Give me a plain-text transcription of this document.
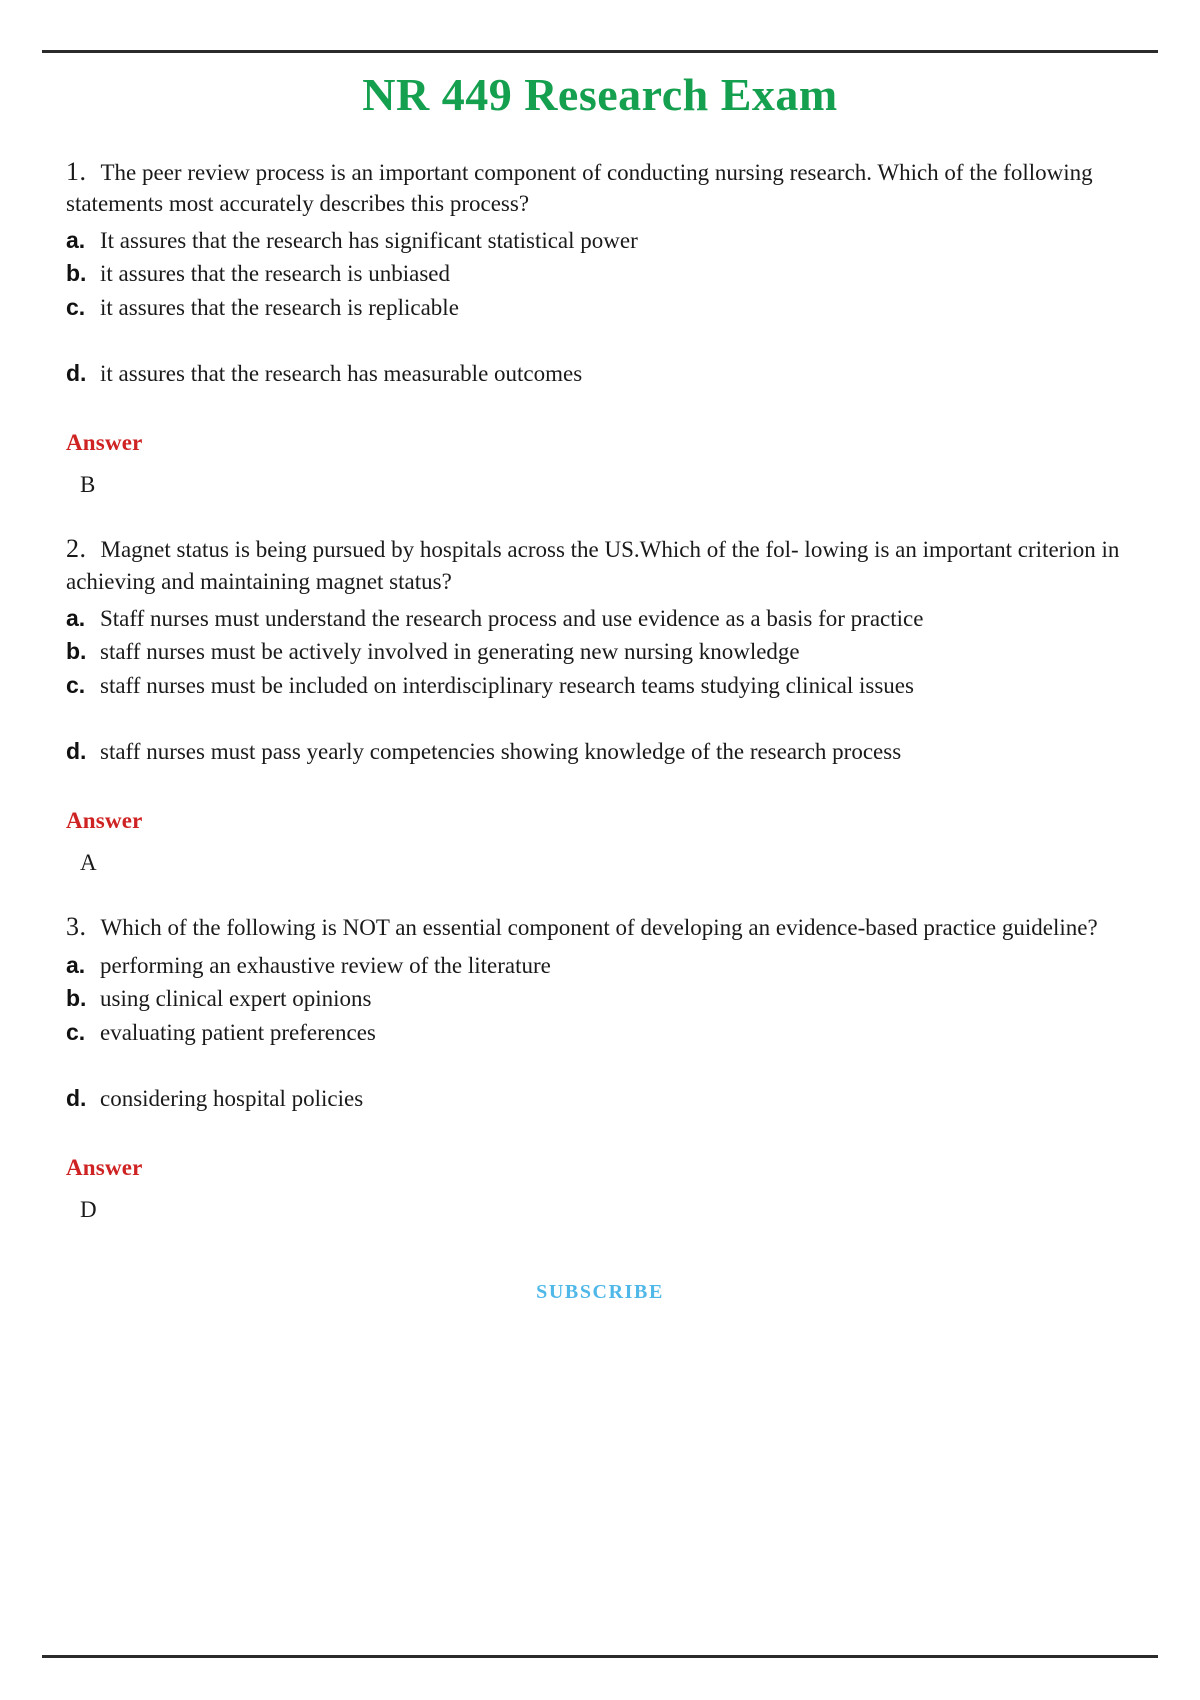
NR 449 Research Exam

1. The peer review process is an important component of conducting nursing research. Which of the following statements most accurately describes this process?

a. It assures that the research has significant statistical power
b. it assures that the research is unbiased
c. it assures that the research is replicable
d. it assures that the research has measurable outcomes
Answer
B

2. Magnet status is being pursued by hospitals across the US.Which of the fol- lowing is an important criterion in achieving and maintaining magnet status?

a. Staff nurses must understand the research process and use evidence as a basis for practice
b. staff nurses must be actively involved in generating new nursing knowledge
c. staff nurses must be included on interdisciplinary research teams studying clinical issues
d. staff nurses must pass yearly competencies showing knowledge of the research process
Answer
A

3. Which of the following is NOT an essential component of developing an evidence-based practice guideline?

a. performing an exhaustive review of the literature
b. using clinical expert opinions
c. evaluating patient preferences
d. considering hospital policies
Answer
D
SUBSCRIBE
